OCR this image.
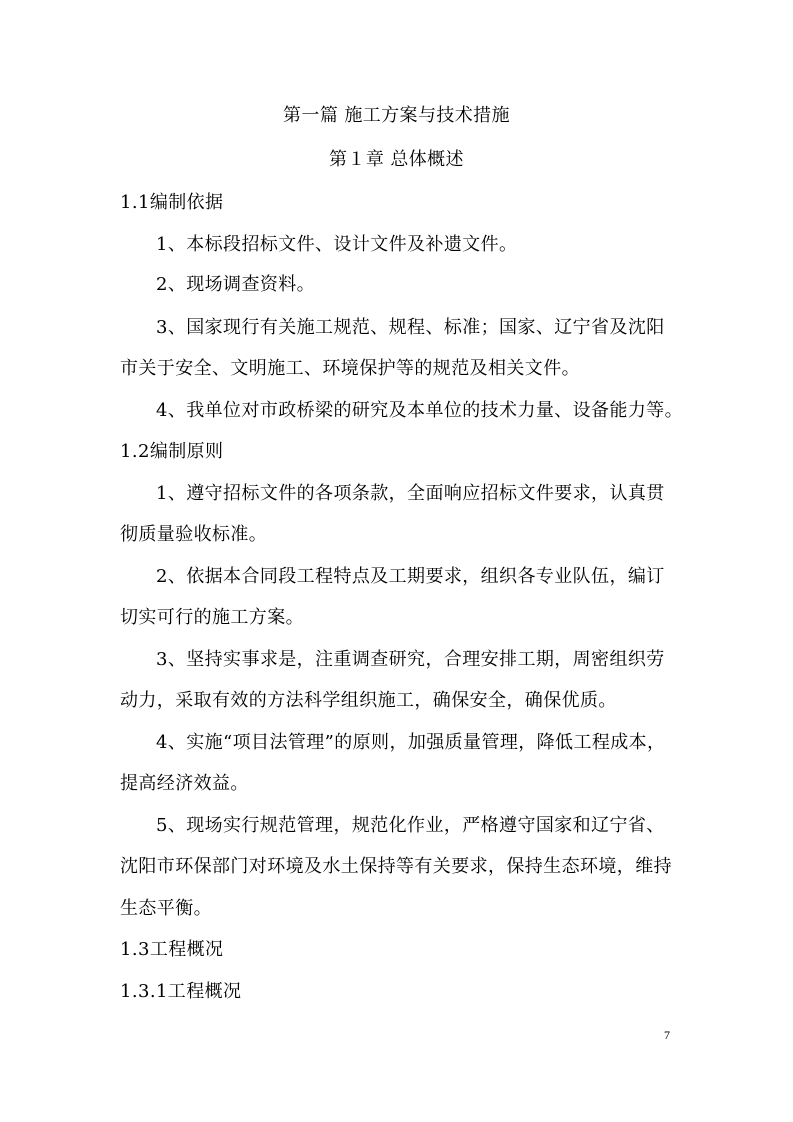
第一篇 施工方案与技术措施
第１章 总体概述
1.1编制依据
1、本标段招标文件、设计文件及补遗文件。
2、现场调查资料。
3、国家现行有关施工规范、规程、标准；国家、辽宁省及沈阳
市关于安全、文明施工、环境保护等的规范及相关文件。
4、我单位对市政桥梁的研究及本单位的技术力量、设备能力等。
1.2编制原则
1、遵守招标文件的各项条款，全面响应招标文件要求，认真贯
彻质量验收标准。
2、依据本合同段工程特点及工期要求，组织各专业队伍，编订
切实可行的施工方案。
3、坚持实事求是，注重调查研究，合理安排工期，周密组织劳
动力，采取有效的方法科学组织施工，确保安全，确保优质。
4、实施“项目法管理”的原则，加强质量管理，降低工程成本，
提高经济效益。
5、现场实行规范管理，规范化作业，严格遵守国家和辽宁省、
沈阳市环保部门对环境及水土保持等有关要求，保持生态环境，维持
生态平衡。
1.3工程概况
1.3.1工程概况
7
